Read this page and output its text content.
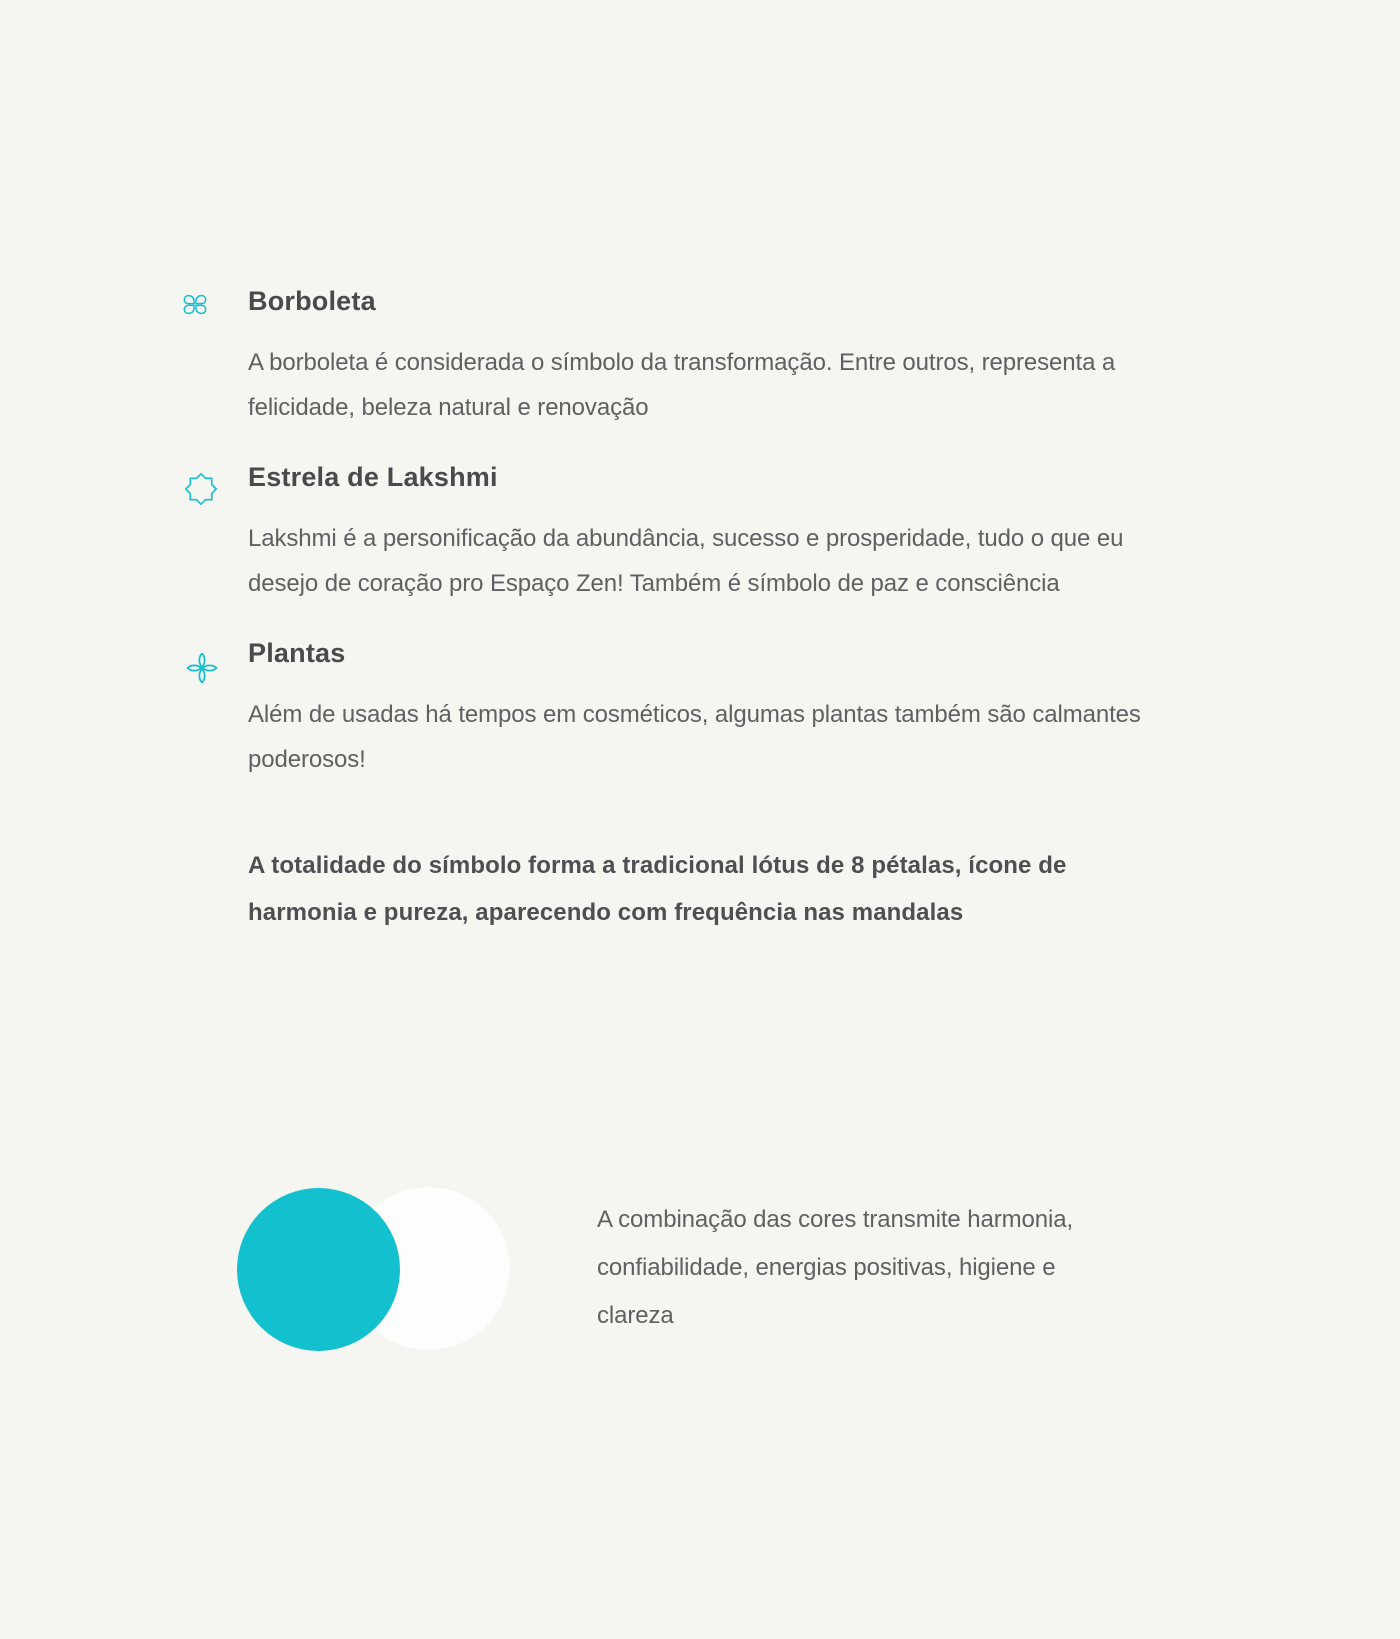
Borboleta
A borboleta é considerada o símbolo da transformação. Entre outros, representa a
felicidade, beleza natural e renovação
Estrela de Lakshmi
Lakshmi é a personificação da abundância, sucesso e prosperidade, tudo o que eu
desejo de coração pro Espaço Zen! Também é símbolo de paz e consciência
Plantas
Além de usadas há tempos em cosméticos, algumas plantas também são calmantes
poderosos!
A totalidade do símbolo forma a tradicional lótus de 8 pétalas, ícone de
harmonia e pureza, aparecendo com frequência nas mandalas
A combinação das cores transmite harmonia,
confiabilidade, energias positivas, higiene e
clareza
